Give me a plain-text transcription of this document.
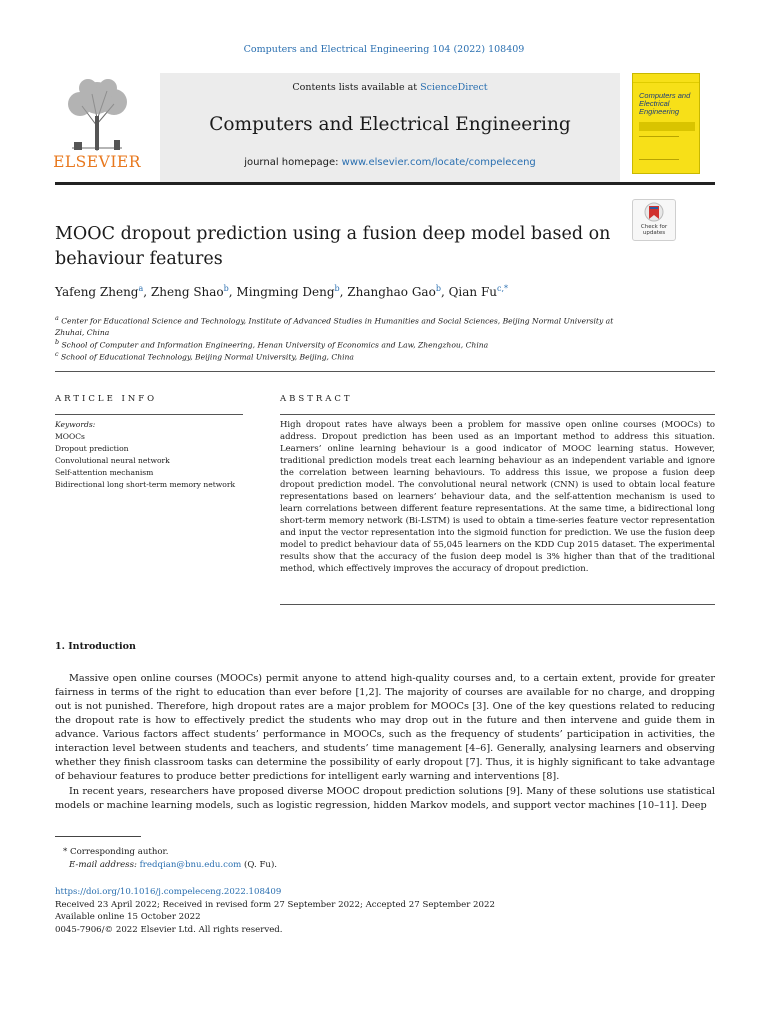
Computers and Electrical Engineering 104 (2022) 108409
ELSEVIER
Contents lists available at ScienceDirect
Computers and Electrical Engineering
journal homepage: www.elsevier.com/locate/compeleceng
Computers and Electrical Engineering
Check for updates
MOOC dropout prediction using a fusion deep model based on behaviour features
Yafeng Zheng$^a$, Zheng Shao$^b$, Mingming Deng$^b$, Zhanghao Gao$^b$, Qian $Fu^{c,*}$
$^a$ Center for Educational Science and Technology, Institute of Advanced Studies in Humanities and Social Sciences, Beijing Normal University at Zhuhai, China
$^b$ School of Computer and Information Engineering, Henan University of Economics and Law, Zhengzhou, China
$^c$ School of Educational Technology, Beijing Normal University, Beijing, China
ARTICLE INFO	ABSTRACT
Keywords:
MOOCs
Dropout prediction
Convolutional neural network
Self-attention mechanism
Bidirectional long short-term memory network
High dropout rates have always been a problem for massive open online courses (MOOCs) to address. Dropout prediction has been used as an important method to address this situation. Learners’ online learning behaviour is a good indicator of MOOC learning status. However, traditional prediction models treat each learning behaviour as an independent variable and ignore the correlation between learning behaviours. To address this issue, we propose a fusion deep dropout prediction model. The convolutional neural network (CNN) is used to obtain local feature representations based on learners’ behaviour data, and the self-attention mechanism is used to learn correlations between different feature representations. At the same time, a bidirectional long short-term memory network (Bi-LSTM) is used to obtain a time-series feature vector representation and input the vector representation into the sigmoid function for prediction. We use the fusion deep model to predict behaviour data of 55,045 learners on the KDD Cup 2015 dataset. The experimental results show that the accuracy of the fusion deep model is 3% higher than that of the traditional method, which effectively improves the accuracy of dropout prediction.
1. Introduction
Massive open online courses (MOOCs) permit anyone to attend high-quality courses and, to a certain extent, provide for greater fairness in terms of the right to education than ever before [1,2]. The majority of courses are available for no charge, and dropping out is not punished. Therefore, high dropout rates are a major problem for MOOCs [3]. One of the key questions related to reducing the dropout rate is how to effectively predict the students who may drop out in the future and then intervene and guide them in advance. Various factors affect students’ performance in MOOCs, such as the frequency of students’ participation in activities, the interaction level between students and teachers, and students’ time management [4–6]. Generally, analysing learners and observing whether they finish classroom tasks can determine the possibility of early dropout [7]. Thus, it is highly significant to take advantage of behaviour features to produce better predictions for intelligent early warning and interventions [8].
In recent years, researchers have proposed diverse MOOC dropout prediction solutions [9]. Many of these solutions use statistical models or machine learning models, such as logistic regression, hidden Markov models, and support vector machines [10–11]. Deep
* Corresponding author.
E-mail address: fredqian@bnu.edu.com (Q. Fu).
https://doi.org/10.1016/j.compeleceng.2022.108409
Received 23 April 2022; Received in revised form 27 September 2022; Accepted 27 September 2022
Available online 15 October 2022
0045-7906/© 2022 Elsevier Ltd. All rights reserved.
